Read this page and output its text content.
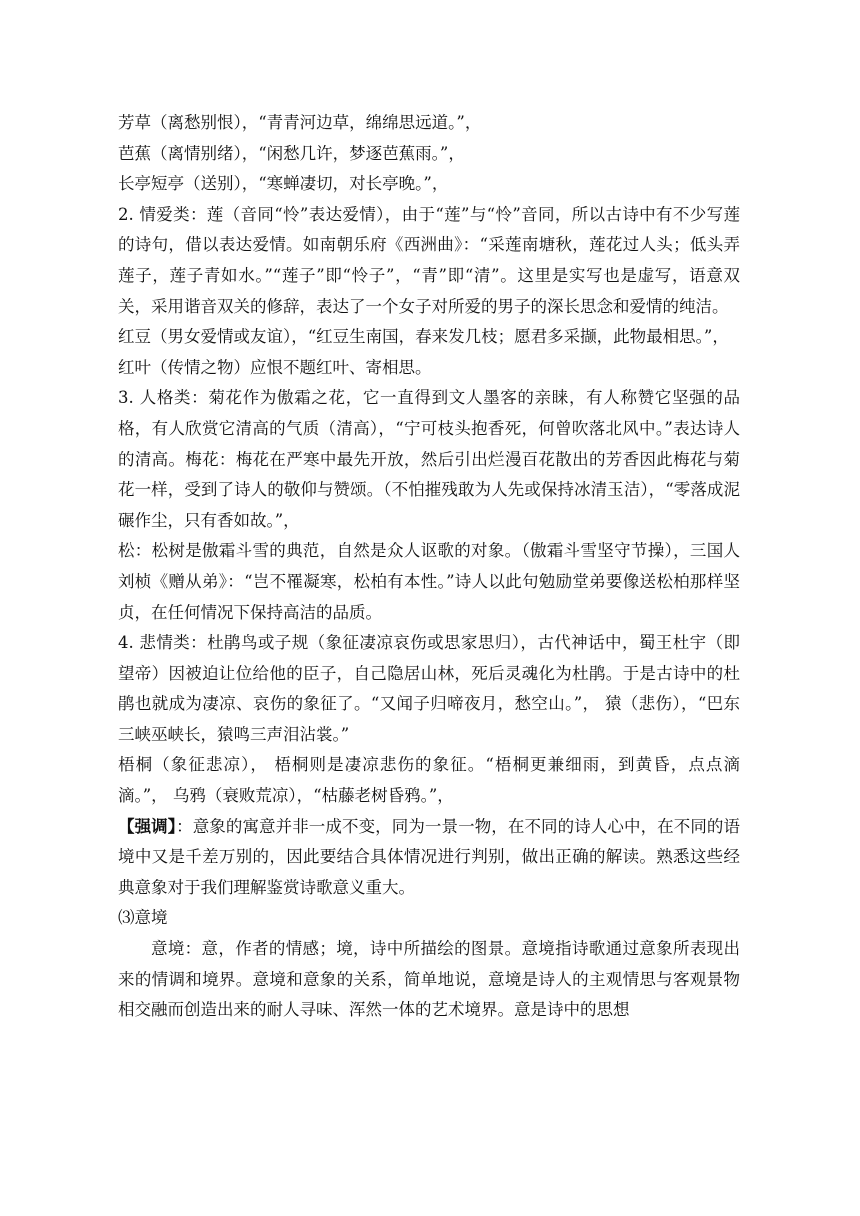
芳草（离愁别恨），“青青河边草，绵绵思远道。”，

芭蕉（离情别绪），“闲愁几许，梦逐芭蕉雨。”，

长亭短亭（送别），“寒蝉凄切，对长亭晚。”，

2. 情爱类：莲（音同“怜”表达爱情），由于“莲”与“怜”音同，所以古诗中有不少写莲的诗句，借以表达爱情。如南朝乐府《西洲曲》：“采莲南塘秋，莲花过人头；低头弄莲子，莲子青如水。”“莲子”即“怜子”，“青”即“清”。这里是实写也是虚写，语意双关，采用谐音双关的修辞，表达了一个女子对所爱的男子的深长思念和爱情的纯洁。

红豆（男女爱情或友谊），“红豆生南国，春来发几枝；愿君多采撷，此物最相思。”，

红叶（传情之物）应恨不题红叶、寄相思。

3. 人格类：菊花作为傲霜之花，它一直得到文人墨客的亲睐，有人称赞它坚强的品格，有人欣赏它清高的气质（清高），“宁可枝头抱香死，何曾吹落北风中。”表达诗人的清高。梅花：梅花在严寒中最先开放，然后引出烂漫百花散出的芳香因此梅花与菊花一样，受到了诗人的敬仰与赞颂。（不怕摧残敢为人先或保持冰清玉洁），“零落成泥碾作尘，只有香如故。”，

松：松树是傲霜斗雪的典范，自然是众人讴歌的对象。（傲霜斗雪坚守节操），三国人刘桢《赠从弟》：“岂不罹凝寒，松柏有本性。”诗人以此句勉励堂弟要像送松柏那样坚贞，在任何情况下保持高洁的品质。

4. 悲情类：杜鹃鸟或子规（象征凄凉哀伤或思家思归），古代神话中，蜀王杜宇（即望帝）因被迫让位给他的臣子，自己隐居山林，死后灵魂化为杜鹃。于是古诗中的杜鹃也就成为凄凉、哀伤的象征了。“又闻子归啼夜月，愁空山。”， 猿（悲伤），“巴东三峡巫峡长，猿鸣三声泪沾裳。”

梧桐（象征悲凉）， 梧桐则是凄凉悲伤的象征。“梧桐更兼细雨，到黄昏，点点滴滴。”， 乌鸦（衰败荒凉），“枯藤老树昏鸦。”，

【强调】：意象的寓意并非一成不变，同为一景一物，在不同的诗人心中，在不同的语境中又是千差万别的，因此要结合具体情况进行判别，做出正确的解读。熟悉这些经典意象对于我们理解鉴赏诗歌意义重大。

⑶意境

意境：意，作者的情感；境，诗中所描绘的图景。意境指诗歌通过意象所表现出来的情调和境界。意境和意象的关系，简单地说，意境是诗人的主观情思与客观景物相交融而创造出来的耐人寻味、浑然一体的艺术境界。意是诗中的思想
